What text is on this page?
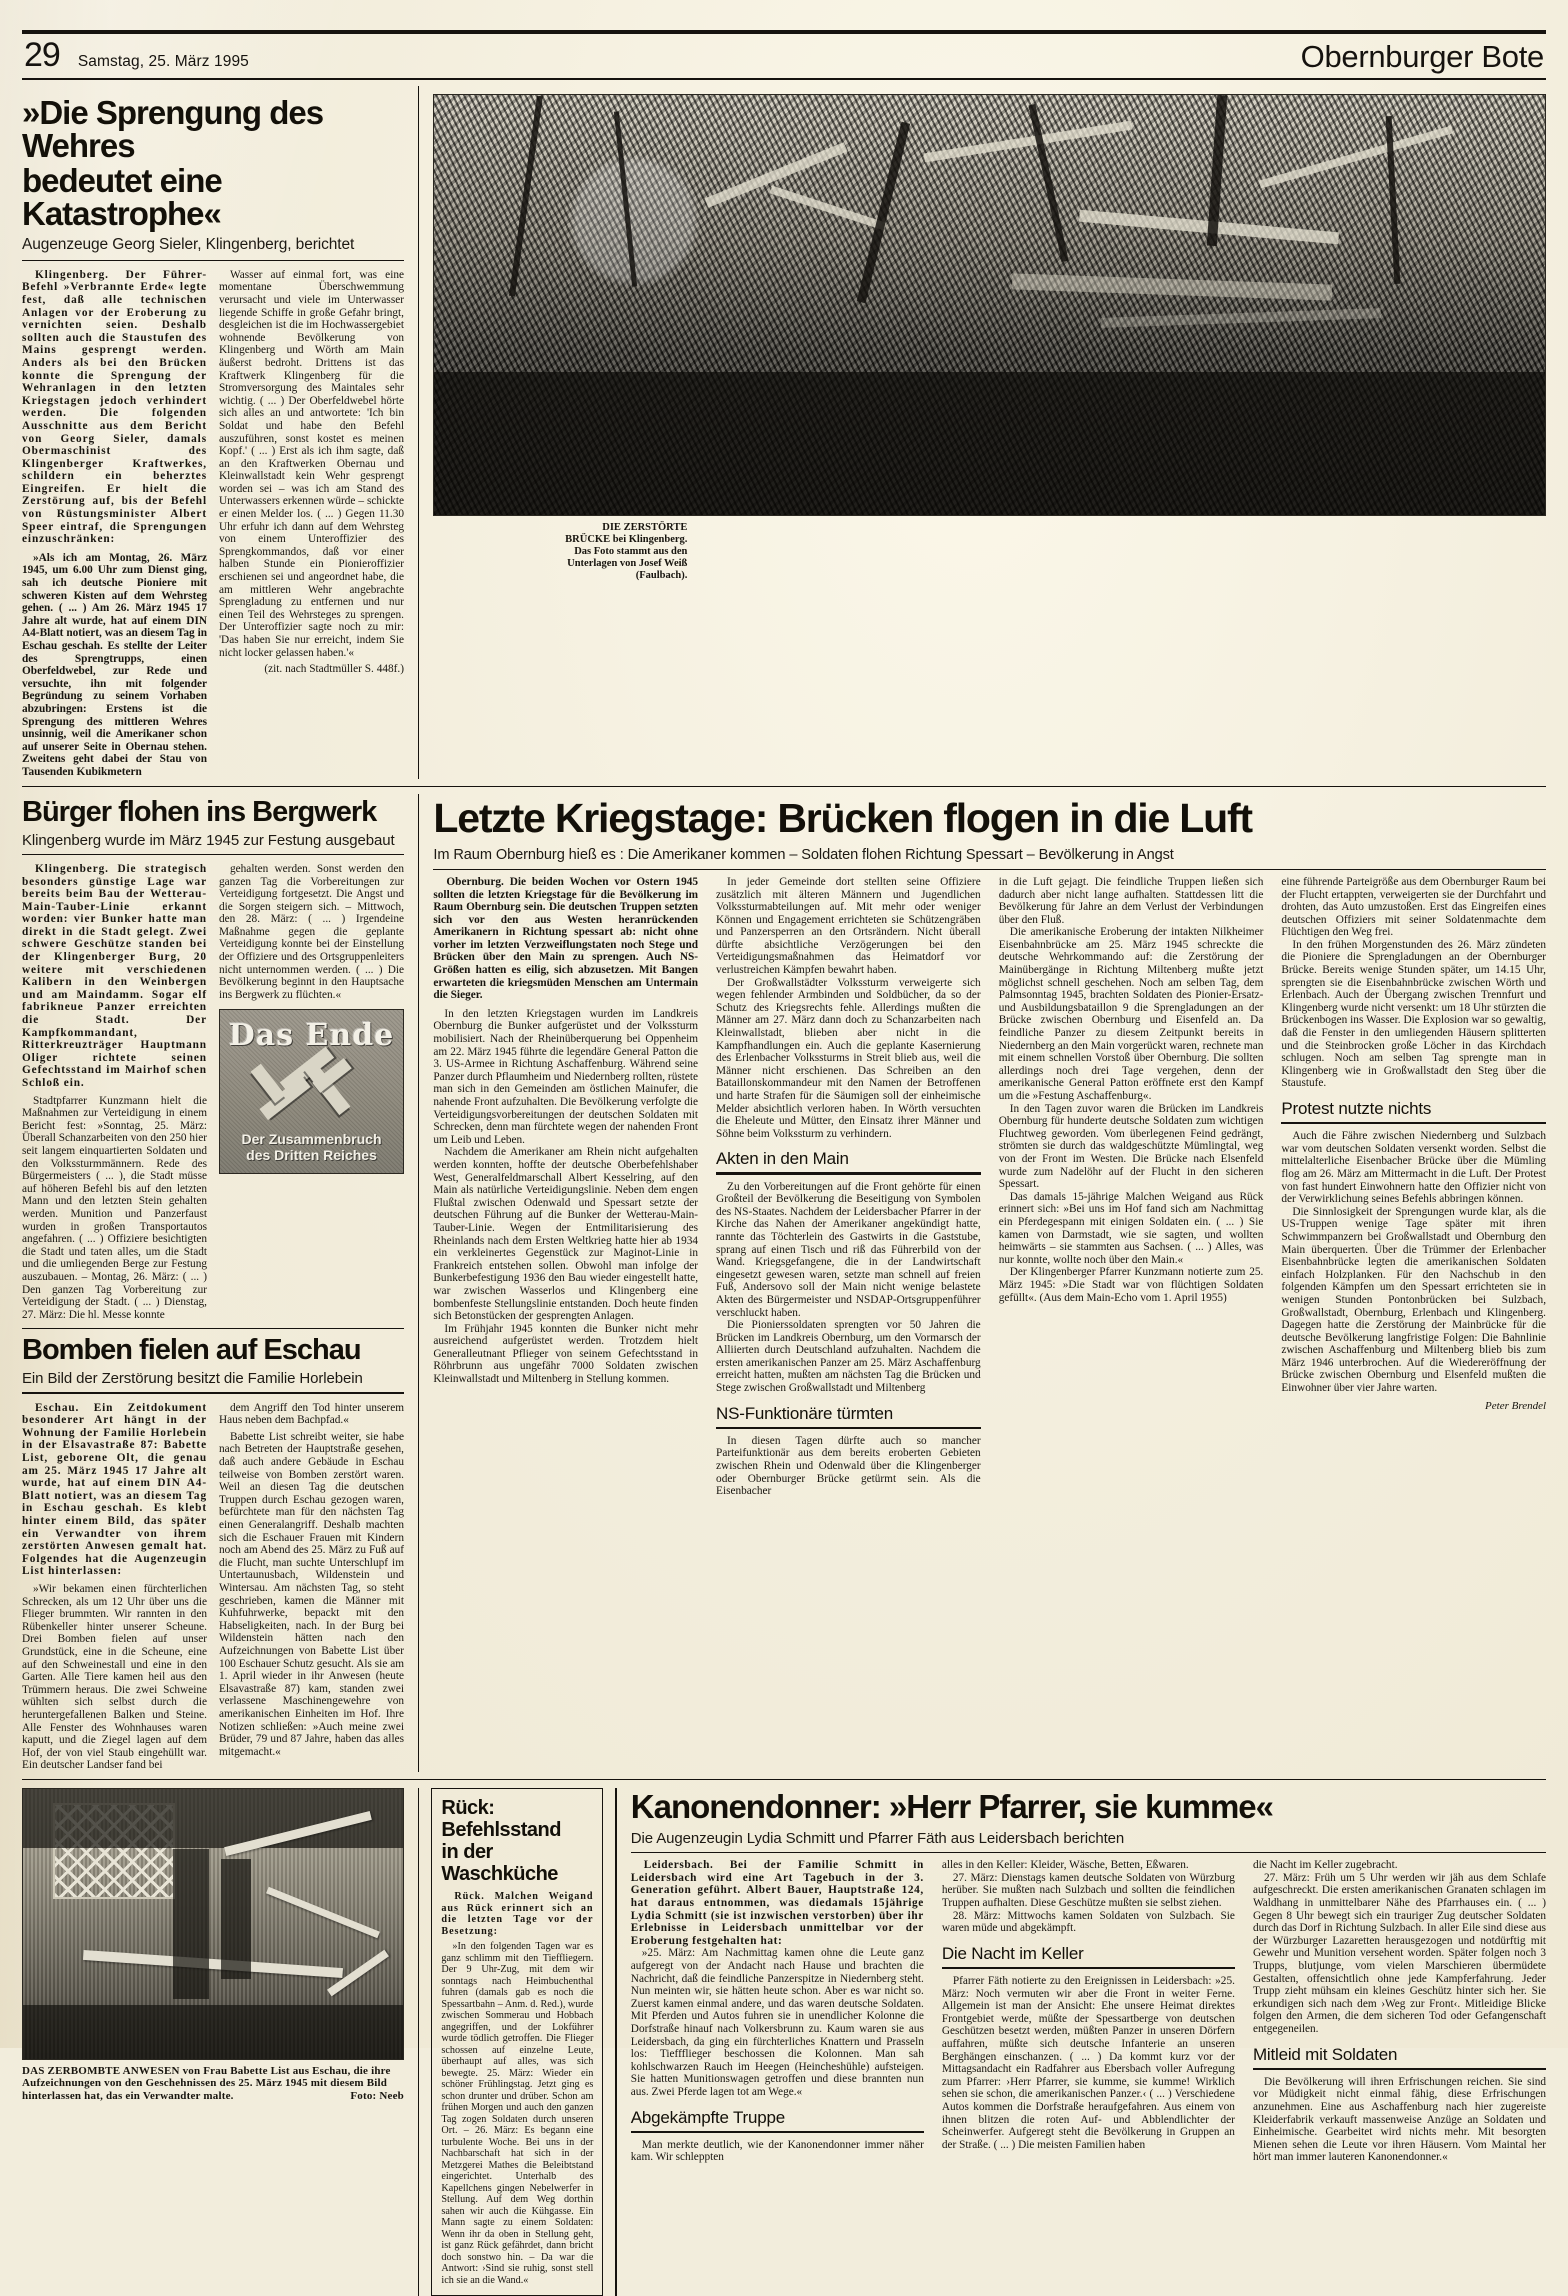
29 Samstag, 25. März 1995	Obernburger Bote
»Die Sprengung des Wehres
bedeutet eine Katastrophe«
Augenzeuge Georg Sieler, Klingenberg, berichtet

Klingenberg. Der Führer-Befehl »Verbrannte Erde« legte fest, daß alle technischen Anlagen vor der Eroberung zu vernichten seien. Deshalb sollten auch die Staustufen des Mains gesprengt werden. Anders als bei den Brücken konnte die Sprengung der Wehranlagen in den letzten Kriegstagen jedoch verhindert werden. Die folgenden Ausschnitte aus dem Bericht von Georg Sieler, damals Obermaschinist des Klingenberger Kraftwerkes, schildern ein beherztes Eingreifen. Er hielt die Zerstörung auf, bis der Befehl von Rüstungsminister Albert Speer eintraf, die Sprengungen einzuschränken:

»Als ich am Montag, 26. März 1945, um 6.00 Uhr zum Dienst ging, sah ich deutsche Pioniere mit schweren Kisten auf dem Wehrsteg gehen. ( ... ) Am 26. März 1945 17 Jahre alt wurde, hat auf einem DIN A4-Blatt notiert, was an diesem Tag in Eschau geschah. Es stellte der Leiter des Sprengtrupps, einen Oberfeldwebel, zur Rede und versuchte, ihn mit folgender Begründung zu seinem Vorhaben abzubringen: Erstens ist die Sprengung des mittleren Wehres unsinnig, weil die Amerikaner schon auf unserer Seite in Obernau stehen. Zweitens geht dabei der Stau von Tausenden Kubikmetern

Wasser auf einmal fort, was eine momentane Überschwemmung verursacht und viele im Unterwasser liegende Schiffe in große Gefahr bringt, desgleichen ist die im Hochwassergebiet wohnende Bevölkerung von Klingenberg und Wörth am Main äußerst bedroht. Drittens ist das Kraftwerk Klingenberg für die Stromversorgung des Maintales sehr wichtig. ( ... ) Der Oberfeldwebel hörte sich alles an und antwortete: 'Ich bin Soldat und habe den Befehl auszuführen, sonst kostet es meinen Kopf.' ( ... ) Erst als ich ihm sagte, daß an den Kraftwerken Obernau und Kleinwallstadt kein Wehr gesprengt worden sei – was ich am Stand des Unterwassers erkennen würde – schickte er einen Melder los. ( ... ) Gegen 11.30 Uhr erfuhr ich dann auf dem Wehrsteg von einem Unteroffizier des Sprengkommandos, daß vor einer halben Stunde ein Pionieroffizier erschienen sei und angeordnet habe, die am mittleren Wehr angebrachte Sprengladung zu entfernen und nur einen Teil des Wehrsteges zu sprengen. Der Unteroffizier sagte noch zu mir: 'Das haben Sie nur erreicht, indem Sie nicht locker gelassen haben.'«

(zit. nach Stadtmüller S. 448f.)

DIE ZERSTÖRTE BRÜCKE bei Klingenberg. Das Foto stammt aus den Unterlagen von Josef Weiß (Faulbach).
Bürger flohen ins Bergwerk
Klingenberg wurde im März 1945 zur Festung ausgebaut

Klingenberg. Die strategisch besonders günstige Lage war bereits beim Bau der Wetterau-Main-Tauber-Linie erkannt worden: vier Bunker hatte man direkt in die Stadt gelegt. Zwei schwere Geschütze standen bei der Klingenberger Burg, 20 weitere mit verschiedenen Kalibern in den Weinbergen und am Maindamm. Sogar elf fabrikneue Panzer erreichten die Stadt. Der Kampfkommandant, Ritterkreuzträger Hauptmann Oliger richtete seinen Gefechtsstand im Mairhof schen Schloß ein.

Stadtpfarrer Kunzmann hielt die Maßnahmen zur Verteidigung in einem Bericht fest: »Sonntag, 25. März: Überall Schanzarbeiten von den 250 hier seit langem einquartierten Soldaten und den Volkssturmmännern. Rede des Bürgermeisters ( ... ), die Stadt müsse auf höheren Befehl bis auf den letzten Mann und den letzten Stein gehalten werden. Munition und Panzerfaust wurden in großen Transportautos angefahren. ( ... ) Offiziere besichtigten die Stadt und taten alles, um die Stadt und die umliegenden Berge zur Festung auszubauen. – Montag, 26. März: ( ... ) Den ganzen Tag Vorbereitung zur Verteidigung der Stadt. ( ... ) Dienstag, 27. März: Die hl. Messe konnte

gehalten werden. Sonst werden den ganzen Tag die Vorbereitungen zur Verteidigung fortgesetzt. Die Angst und die Sorgen steigern sich. – Mittwoch, den 28. März: ( ... ) Irgendeine Maßnahme gegen die geplante Verteidigung konnte bei der Einstellung der Offiziere und des Ortsgruppenleiters nicht unternommen werden. ( ... ) Die Bevölkerung beginnt in den Hauptsache ins Bergwerk zu flüchten.«

Das Ende
Der Zusammenbruch
des Dritten Reiches
Bomben fielen auf Eschau
Ein Bild der Zerstörung besitzt die Familie Horlebein

Eschau. Ein Zeitdokument besonderer Art hängt in der Wohnung der Familie Horlebein in der Elsavastraße 87: Babette List, geborene Olt, die genau am 25. März 1945 17 Jahre alt wurde, hat auf einem DIN A4-Blatt notiert, was an diesem Tag in Eschau geschah. Es klebt hinter einem Bild, das später ein Verwandter von ihrem zerstörten Anwesen gemalt hat. Folgendes hat die Augenzeugin List hinterlassen:

»Wir bekamen einen fürchterlichen Schrecken, als um 12 Uhr über uns die Flieger brummten. Wir rannten in den Rübenkeller hinter unserer Scheune. Drei Bomben fielen auf unser Grundstück, eine in die Scheune, eine auf den Schweinestall und eine in den Garten. Alle Tiere kamen heil aus den Trümmern heraus. Die zwei Schweine wühlten sich selbst durch die heruntergefallenen Balken und Steine. Alle Fenster des Wohnhauses waren kaputt, und die Ziegel lagen auf dem Hof, der von viel Staub eingehüllt war. Ein deutscher Landser fand bei

dem Angriff den Tod hinter unserem Haus neben dem Bachpfad.«

Babette List schreibt weiter, sie habe nach Betreten der Hauptstraße gesehen, daß auch andere Gebäude in Eschau teilweise von Bomben zerstört waren. Weil an diesen Tag die deutschen Truppen durch Eschau gezogen waren, befürchtete man für den nächsten Tag einen Generalangriff. Deshalb machten sich die Eschauer Frauen mit Kindern noch am Abend des 25. März zu Fuß auf die Flucht, man suchte Unterschlupf im Untertaunusbach, Wildenstein und Wintersau. Am nächsten Tag, so steht geschrieben, kamen die Männer mit Kuhfuhrwerke, bepackt mit den Habseligkeiten, nach. In der Burg bei Wildenstein hätten nach den Aufzeichnungen von Babette List über 100 Eschauer Schutz gesucht. Als sie am 1. April wieder in ihr Anwesen (heute Elsavastraße 87) kam, standen zwei verlassene Maschinengewehre von amerikanischen Einheiten im Hof. Ihre Notizen schließen: »Auch meine zwei Brüder, 79 und 87 Jahre, haben das alles mitgemacht.«

Letzte Kriegstage: Brücken flogen in die Luft
Im Raum Obernburg hieß es : Die Amerikaner kommen – Soldaten flohen Richtung Spessart – Bevölkerung in Angst

Obernburg. Die beiden Wochen vor Ostern 1945 sollten die letzten Kriegstage für die Bevölkerung im Raum Obernburg sein. Die deutschen Truppen setzten sich vor den aus Westen heranrückenden Amerikanern in Richtung spessart ab: nicht ohne vorher im letzten Verzweiflungstaten noch Stege und Brücken über den Main zu sprengen. Auch NS-Größen hatten es eilig, sich abzusetzen. Mit Bangen erwarteten die kriegsmüden Menschen am Untermain die Sieger.

In den letzten Kriegstagen wurden im Landkreis Obernburg die Bunker aufgerüstet und der Volkssturm mobilisiert. Nach der Rheinüberquerung bei Oppenheim am 22. März 1945 führte die legendäre General Patton die 3. US-Armee in Richtung Aschaffenburg. Während seine Panzer durch Pflaumheim und Niedernberg rollten, rüstete man sich in den Gemeinden am östlichen Mainufer, die nahende Front aufzuhalten. Die Bevölkerung verfolgte die Verteidigungsvorbereitungen der deutschen Soldaten mit Schrecken, denn man fürchtete wegen der nahenden Front um Leib und Leben.

Nachdem die Amerikaner am Rhein nicht aufgehalten werden konnten, hoffte der deutsche Oberbefehlshaber West, Generalfeldmarschall Albert Kesselring, auf den Main als natürliche Verteidigungslinie. Neben dem engen Flußtal zwischen Odenwald und Spessart setzte der deutschen Führung auf die Bunker der Wetterau-Main-Tauber-Linie. Wegen der Entmilitarisierung des Rheinlands nach dem Ersten Weltkrieg hatte hier ab 1934 ein verkleinertes Gegenstück zur Maginot-Linie in Frankreich entstehen sollen. Obwohl man infolge der Bunkerbefestigung 1936 den Bau wieder eingestellt hatte, war zwischen Wasserlos und Klingenberg eine bombenfeste Stellungslinie entstanden. Doch heute finden sich Betonstücken der gesprengten Anlagen.

Im Frühjahr 1945 konnten die Bunker nicht mehr ausreichend aufgerüstet werden. Trotzdem hielt Generalleutnant Pflieger von seinem Gefechtsstand in Röhrbrunn aus ungefähr 7000 Soldaten zwischen Kleinwallstadt und Miltenberg in Stellung kommen.

In jeder Gemeinde dort stellten seine Offiziere zusätzlich mit älteren Männern und Jugendlichen Volkssturmabteilungen auf. Mit mehr oder weniger Können und Engagement errichteten sie Schützengräben und Panzersperren an den Ortsrändern. Nicht überall dürfte absichtliche Verzögerungen bei den Verteidigungsmaßnahmen das Heimatdorf vor verlustreichen Kämpfen bewahrt haben.

Der Großwallstädter Volkssturm verweigerte sich wegen fehlender Armbinden und Soldbücher, da so der Schutz des Kriegsrechts fehle. Allerdings mußten die Männer am 27. März dann doch zu Schanzarbeiten nach Kleinwallstadt, blieben aber nicht in die Kampfhandlungen ein. Auch die geplante Kasernierung des Erlenbacher Volkssturms in Streit blieb aus, weil die Männer nicht erschienen. Das Schreiben an den Bataillonskommandeur mit den Namen der Betroffenen und harte Strafen für die Säumigen soll der einheimische Melder absichtlich verloren haben. In Wörth versuchten die Eheleute und Mütter, den Einsatz ihrer Männer und Söhne beim Volkssturm zu verhindern.

Akten in den Main

Zu den Vorbereitungen auf die Front gehörte für einen Großteil der Bevölkerung die Beseitigung von Symbolen des NS-Staates. Nachdem der Leidersbacher Pfarrer in der Kirche das Nahen der Amerikaner angekündigt hatte, rannte das Töchterlein des Gastwirts in die Gaststube, sprang auf einen Tisch und riß das Führerbild von der Wand. Kriegsgefangene, die in der Landwirtschaft eingesetzt gewesen waren, setzte man schnell auf freien Fuß, Andersovo soll der Main nicht wenige belastete Akten des Bürgermeister und NSDAP-Ortsgruppenführer verschluckt haben.

Die Pionierssoldaten sprengten vor 50 Jahren die Brücken im Landkreis Obernburg, um den Vormarsch der Alliierten durch Deutschland aufzuhalten. Nachdem die ersten amerikanischen Panzer am 25. März Aschaffenburg erreicht hatten, mußten am nächsten Tag die Brücken und Stege zwischen Großwallstadt und Miltenberg

NS-Funktionäre türmten

In diesen Tagen dürfte auch so mancher Parteifunktionär aus dem bereits eroberten Gebieten zwischen Rhein und Odenwald über die Klingenberger oder Obernburger Brücke getürmt sein. Als die Eisenbacher

in die Luft gejagt. Die feindliche Truppen ließen sich dadurch aber nicht lange aufhalten. Stattdessen litt die Bevölkerung für Jahre an dem Verlust der Verbindungen über den Fluß.

Die amerikanische Eroberung der intakten Nilkheimer Eisenbahnbrücke am 25. März 1945 schreckte die deutsche Wehrkommando auf: die Zerstörung der Mainübergänge in Richtung Miltenberg mußte jetzt möglichst schnell geschehen. Noch am selben Tag, dem Palmsonntag 1945, brachten Soldaten des Pionier-Ersatz- und Ausbildungsbataillon 9 die Sprengladungen an der Brücke zwischen Obernburg und Eisenfeld an. Da feindliche Panzer zu diesem Zeitpunkt bereits in Niedernberg an den Main vorgerückt waren, rechnete man mit einem schnellen Vorstoß über Obernburg. Die sollten allerdings noch drei Tage vergehen, denn der amerikanische General Patton eröffnete erst den Kampf um die »Festung Aschaffenburg«.

In den Tagen zuvor waren die Brücken im Landkreis Obernburg für hunderte deutsche Soldaten zum wichtigen Fluchtweg geworden. Vom überlegenen Feind gedrängt, strömten sie durch das waldgeschützte Mümlingtal, weg von der Front im Westen. Die Brücke nach Elsenfeld wurde zum Nadelöhr auf der Flucht in den sicheren Spessart.

Das damals 15-jährige Malchen Weigand aus Rück erinnert sich: »Bei uns im Hof fand sich am Nachmittag ein Pferdegespann mit einigen Soldaten ein. ( ... ) Sie kamen von Darmstadt, wie sie sagten, und wollten heimwärts – sie stammten aus Sachsen. ( ... ) Alles, was nur konnte, wollte noch über den Main.«

Der Klingenberger Pfarrer Kunzmann notierte zum 25. März 1945: »Die Stadt war von flüchtigen Soldaten gefüllt«. (Aus dem Main-Echo vom 1. April 1955)

eine führende Parteigröße aus dem Obernburger Raum bei der Flucht ertappten, verweigerten sie der Durchfahrt und drohten, das Auto umzustoßen. Erst das Eingreifen eines deutschen Offiziers mit seiner Soldatenmachte dem Flüchtigen den Weg frei.

In den frühen Morgenstunden des 26. März zündeten die Pioniere die Sprengladungen an der Obernburger Brücke. Bereits wenige Stunden später, um 14.15 Uhr, sprengten sie die Eisenbahnbrücke zwischen Wörth und Erlenbach. Auch der Übergang zwischen Trennfurt und Klingenberg wurde nicht versenkt: um 18 Uhr stürzten die Brückenbogen ins Wasser. Die Explosion war so gewaltig, daß die Fenster in den umliegenden Häusern splitterten und die Steinbrocken große Löcher in das Kirchdach schlugen. Noch am selben Tag sprengte man in Klingenberg wie in Großwallstadt den Steg über die Staustufe.

Protest nutzte nichts

Auch die Fähre zwischen Niedernberg und Sulzbach war vom deutschen Soldaten versenkt worden. Selbst die mittelalterliche Eisenbacher Brücke über die Mümling flog am 26. März am Mittermacht in die Luft. Der Protest von fast hundert Einwohnern hatte den Offizier nicht von der Verwirklichung seines Befehls abbringen können.

Die Sinnlosigkeit der Sprengungen wurde klar, als die US-Truppen wenige Tage später mit ihren Schwimmpanzern bei Großwallstadt und Obernburg den Main überquerten. Über die Trümmer der Erlenbacher Eisenbahnbrücke legten die amerikanischen Soldaten einfach Holzplanken. Für den Nachschub in den folgenden Kämpfen um den Spessart errichteten sie in wenigen Stunden Pontonbrücken bei Sulzbach, Großwallstadt, Obernburg, Erlenbach und Klingenberg. Dagegen hatte die Zerstörung der Mainbrücke für die deutsche Bevölkerung langfristige Folgen: Die Bahnlinie zwischen Aschaffenburg und Miltenberg blieb bis zum März 1946 unterbrochen. Auf die Wiedereröffnung der Brücke zwischen Obernburg und Elsenfeld mußten die Einwohner über vier Jahre warten.

Peter Brendel

DAS ZERBOMBTE ANWESEN von Frau Babette List aus Eschau, die ihre Aufzeichnungen von den Geschehnissen des 25. März 1945 mit diesem Bild hinterlassen hat, das ein Verwandter malte.	Foto: Neeb
Rück: Befehlsstand
in der Waschküche

Rück. Malchen Weigand aus Rück erinnert sich an die letzten Tage vor der Besetzung:

»In den folgenden Tagen war es ganz schlimm mit den Tieffliegern. Der 9 Uhr-Zug, mit dem wir sonntags nach Heimbuchenthal fuhren (damals gab es noch die Spessartbahn – Anm. d. Red.), wurde zwischen Sommerau und Hobbach angegriffen, und der Lokführer wurde tödlich getroffen. Die Flieger schossen auf einzelne Leute, überhaupt auf alles, was sich bewegte. 25. März: Wieder ein schöner Frühlingstag. Jetzt ging es schon drunter und drüber. Schon am frühen Morgen und auch den ganzen Tag zogen Soldaten durch unseren Ort. – 26. März: Es begann eine turbulente Woche. Bei uns in der Nachbarschaft hat sich in der Metzgerei Mathes die Beleibtstand eingerichtet. Unterhalb des Kapellchens gingen Nebelwerfer in Stellung. Auf dem Weg dorthin sahen wir auch die Kühgasse. Ein Mann sagte zu einem Soldaten: Wenn ihr da oben in Stellung geht, ist ganz Rück gefährdet, dann bricht doch sonstwo hin. – Da war die Antwort: ›Sind sie ruhig, sonst stell ich sie an die Wand.«

Kanonendonner: »Herr Pfarrer, sie kumme«
Die Augenzeugin Lydia Schmitt und Pfarrer Fäth aus Leidersbach berichten

Leidersbach. Bei der Familie Schmitt in Leidersbach wird eine Art Tagebuch in der 3. Generation geführt. Albert Bauer, Hauptstraße 124, hat daraus entnommen, was diedamals 15jährige Lydia Schmitt (sie ist inzwischen verstorben) über ihr Erlebnisse in Leidersbach unmittelbar vor der Eroberung festgehalten hat:

»25. März: Am Nachmittag kamen ohne die Leute ganz aufgeregt von der Andacht nach Hause und brachten die Nachricht, daß die feindliche Panzerspitze in Niedernberg steht. Nun meinten wir, sie hätten heute schon. Aber es war nicht so. Zuerst kamen einmal andere, und das waren deutsche Soldaten. Mit Pferden und Autos fuhren sie in unendlicher Kolonne die Dorfstraße hinauf nach Volkersbrunn zu. Kaum waren sie aus Leidersbach, da ging ein fürchterliches Knattern und Prasseln los: Tieffflieger beschossen die Kolonnen. Man sah kohlschwarzen Rauch im Heegen (Heincheshühle) aufsteigen. Sie hatten Munitionswagen getroffen und diese brannten nun aus. Zwei Pferde lagen tot am Wege.«

Abgekämpfte Truppe

Man merkte deutlich, wie der Kanonendonner immer näher kam. Wir schleppten

alles in den Keller: Kleider, Wäsche, Betten, Eßwaren.

27. März: Dienstags kamen deutsche Soldaten von Würzburg herüber. Sie mußten nach Sulzbach und sollten die feindlichen Truppen aufhalten. Diese Geschütze mußten sie selbst ziehen.

28. März: Mittwochs kamen Soldaten von Sulzbach. Sie waren müde und abgekämpft.

Die Nacht im Keller

Pfarrer Fäth notierte zu den Ereignissen in Leidersbach: »25. März: Noch vermuten wir aber die Front in weiter Ferne. Allgemein ist man der Ansicht: Ehe unsere Heimat direktes Frontgebiet werde, müßte der Spessartberge von deutschen Geschützen besetzt werden, müßten Panzer in unseren Dörfern auffahren, müßte sich deutsche Infanterie an unseren Berghängen einschanzen. ( ... ) Da kommt kurz vor der Mittagsandacht ein Radfahrer aus Ebersbach voller Aufregung zum Pfarrer: ›Herr Pfarrer, sie kumme, sie kumme! Wirklich sehen sie schon, die amerikanischen Panzer.‹ ( ... ) Verschiedene Autos kommen die Dorfstraße heraufgefahren. Aus einem von ihnen blitzen die roten Auf- und Abblendlichter der Scheinwerfer. Aufgeregt steht die Bevölkerung in Gruppen an der Straße. ( ... ) Die meisten Familien haben

die Nacht im Keller zugebracht.

27. März: Früh um 5 Uhr werden wir jäh aus dem Schlafe aufgeschreckt. Die ersten amerikanischen Granaten schlagen im Waldhang in unmittelbarer Nähe des Pfarrhauses ein. ( ... ) Gegen 8 Uhr bewegt sich ein trauriger Zug deutscher Soldaten durch das Dorf in Richtung Sulzbach. In aller Eile sind diese aus der Würzburger Lazaretten herausgezogen und notdürftig mit Gewehr und Munition versehent worden. Später folgen noch 3 Trupps, blutjunge, vom vielen Marschieren übermüdete Gestalten, offensichtlich ohne jede Kampferfahrung. Jeder Trupp zieht mühsam ein kleines Geschütz hinter sich her. Sie erkundigen sich nach dem ›Weg zur Front‹. Mitleidige Blicke folgen den Armen, die dem sicheren Tod oder Gefangenschaft entgegeneilen.

Mitleid mit Soldaten

Die Bevölkerung will ihren Erfrischungen reichen. Sie sind vor Müdigkeit nicht einmal fähig, diese Erfrischungen anzunehmen. Eine aus Aschaffenburg nach hier zugereiste Kleiderfabrik verkauft massenweise Anzüge an Soldaten und Einheimische. Gearbeitet wird nichts mehr. Mit besorgten Mienen sehen die Leute vor ihren Häusern. Vom Maintal her hört man immer lauteren Kanonendonner.«
